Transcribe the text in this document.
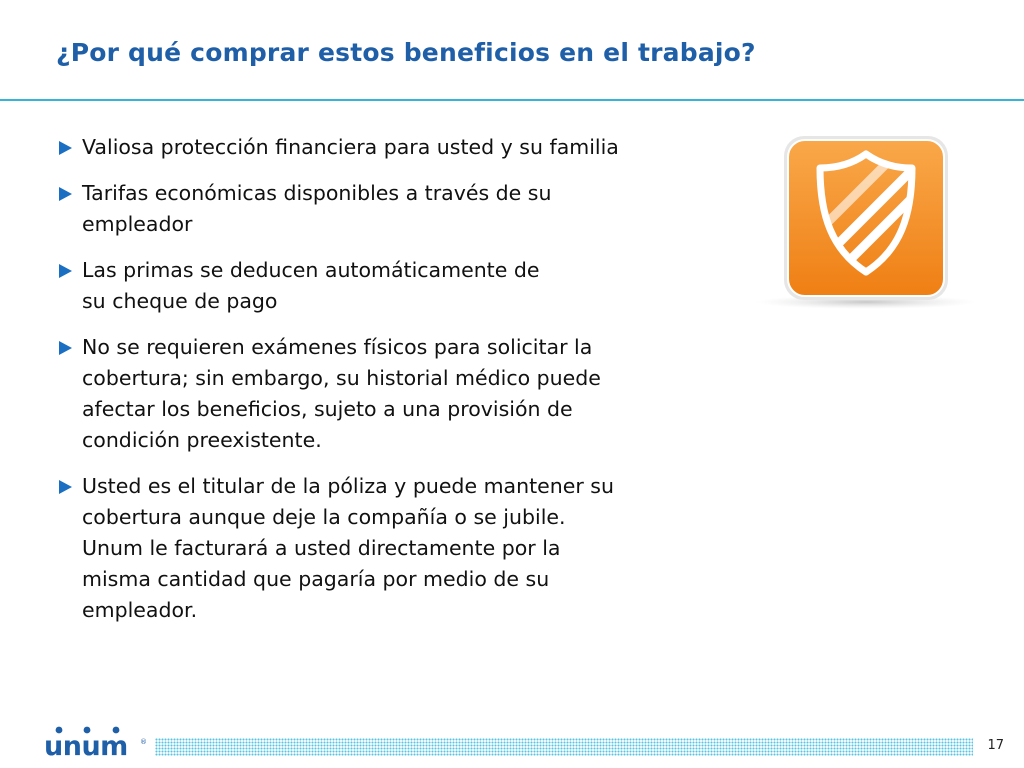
¿Por qué comprar estos beneficios en el trabajo?
Valiosa protección financiera para usted y su familia
Tarifas económicas disponibles a través de su
empleador
Las primas se deducen automáticamente de
su cheque de pago
No se requieren exámenes físicos para solicitar la
cobertura; sin embargo, su historial médico puede
afectar los beneficios, sujeto a una provisión de
condición preexistente.
Usted es el titular de la póliza y puede mantener su
cobertura aunque deje la compañía o se jubile.
Unum le facturará a usted directamente por la
misma cantidad que pagaría por medio de su
empleador.
unum ®	17
